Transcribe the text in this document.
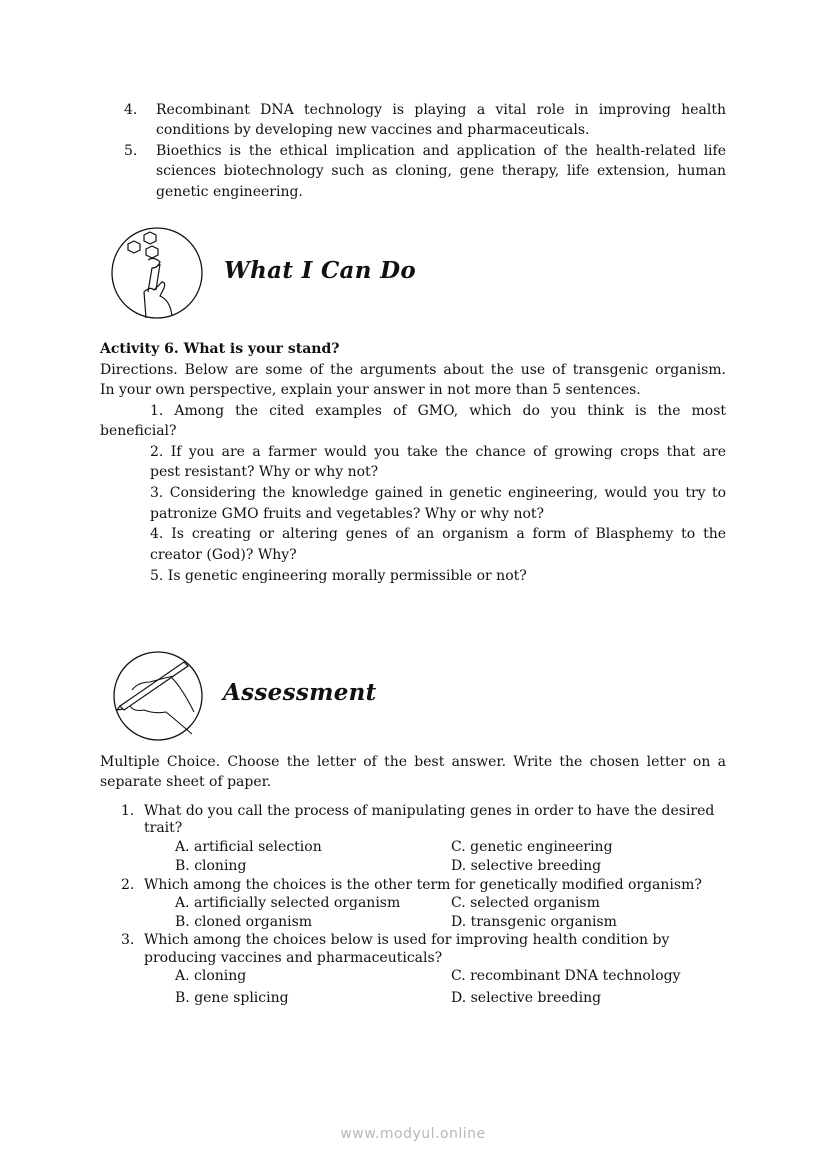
4. Recombinant DNA technology is playing a vital role in improving health
conditions by developing new vaccines and pharmaceuticals.
5. Bioethics is the ethical implication and application of the health-related life
sciences biotechnology such as cloning, gene therapy, life extension, human
genetic engineering.
What I Can Do
Activity 6. What is your stand?
Directions. Below are some of the arguments about the use of transgenic organism.
In your own perspective, explain your answer in not more than 5 sentences.
1. Among the cited examples of GMO, which do you think is the most
beneficial?
2. If you are a farmer would you take the chance of growing crops that are
pest resistant? Why or why not?
3. Considering the knowledge gained in genetic engineering, would you try to
patronize GMO fruits and vegetables? Why or why not?
4. Is creating or altering genes of an organism a form of Blasphemy to the
creator (God)? Why?
5. Is genetic engineering morally permissible or not?
Assessment
Multiple Choice. Choose the letter of the best answer. Write the chosen letter on a
separate sheet of paper.
1. What do you call the process of manipulating genes in order to have the desired
trait?
A. artificial selection	C. genetic engineering
B. cloning	D. selective breeding
2. Which among the choices is the other term for genetically modified organism?
A. artificially selected organism	C. selected organism
B. cloned organism	D. transgenic organism
3. Which among the choices below is used for improving health condition by
producing vaccines and pharmaceuticals?
A. cloning	C. recombinant DNA technology
B. gene splicing	D. selective breeding
www.modyul.online
